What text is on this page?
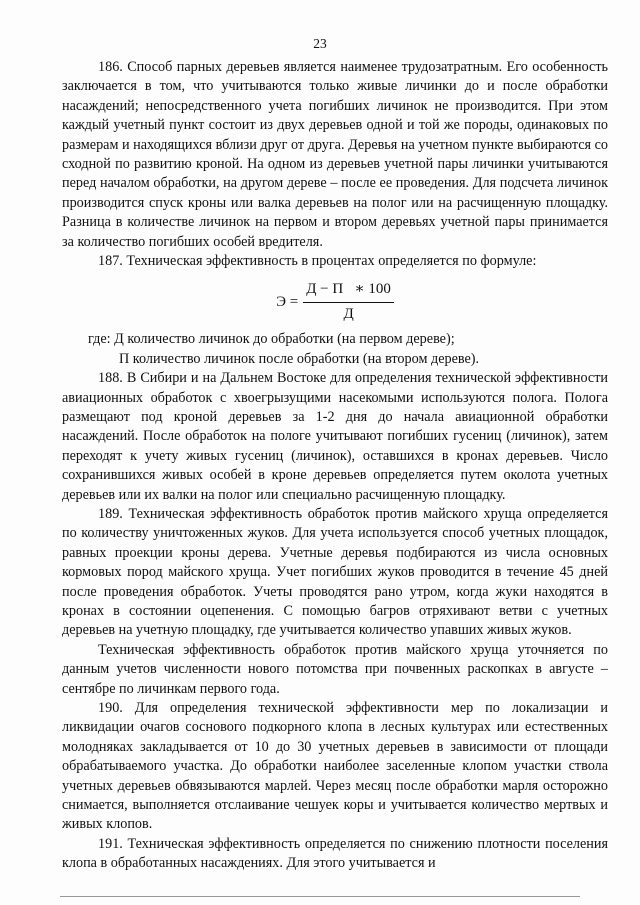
23

186. Способ парных деревьев является наименее трудозатратным. Его особенность заключается в том, что учитываются только живые личинки до и после обработки насаждений; непосредственного учета погибших личинок не производится. При этом каждый учетный пункт состоит из двух деревьев одной и той же породы, одинаковых по размерам и находящихся вблизи друг от друга. Деревья на учетном пункте выбираются со сходной по развитию кроной. На одном из деревьев учетной пары личинки учитываются перед началом обработки, на другом дереве – после ее проведения. Для подсчета личинок производится спуск кроны или валка деревьев на полог или на расчищенную площадку. Разница в количестве личинок на первом и втором деревьях учетной пары принимается за количество погибших особей вредителя.

187. Техническая эффективность в процентах определяется по формуле:

$Э = \frac{Д - П ∗ 100}{Д}$

где: Д количество личинок до обработки (на первом дереве);

П количество личинок после обработки (на втором дереве).

188. В Сибири и на Дальнем Востоке для определения технической эффективности авиационных обработок с хвоегрызущими насекомыми используются полога. Полога размещают под кроной деревьев за 1-2 дня до начала авиационной обработки насаждений. После обработок на пологе учитывают погибших гусениц (личинок), затем переходят к учету живых гусениц (личинок), оставшихся в кронах деревьев. Число сохранившихся живых особей в кроне деревьев определяется путем околота учетных деревьев или их валки на полог или специально расчищенную площадку.

189. Техническая эффективность обработок против майского хруща определяется по количеству уничтоженных жуков. Для учета используется способ учетных площадок, равных проекции кроны дерева. Учетные деревья подбираются из числа основных кормовых пород майского хруща. Учет погибших жуков проводится в течение 45 дней после проведения обработок. Учеты проводятся рано утром, когда жуки находятся в кронах в состоянии оцепенения. С помощью багров отряхивают ветви с учетных деревьев на учетную площадку, где учитывается количество упавших живых жуков.

Техническая эффективность обработок против майского хруща уточняется по данным учетов численности нового потомства при почвенных раскопках в августе – сентябре по личинкам первого года.

190. Для определения технической эффективности мер по локализации и ликвидации очагов соснового подкорного клопа в лесных культурах или естественных молодняках закладывается от 10 до 30 учетных деревьев в зависимости от площади обрабатываемого участка. До обработки наиболее заселенные клопом участки ствола учетных деревьев обвязываются марлей. Через месяц после обработки марля осторожно снимается, выполняется отслаивание чешуек коры и учитывается количество мертвых и живых клопов.

191. Техническая эффективность определяется по снижению плотности поселения клопа в обработанных насаждениях. Для этого учитывается и
